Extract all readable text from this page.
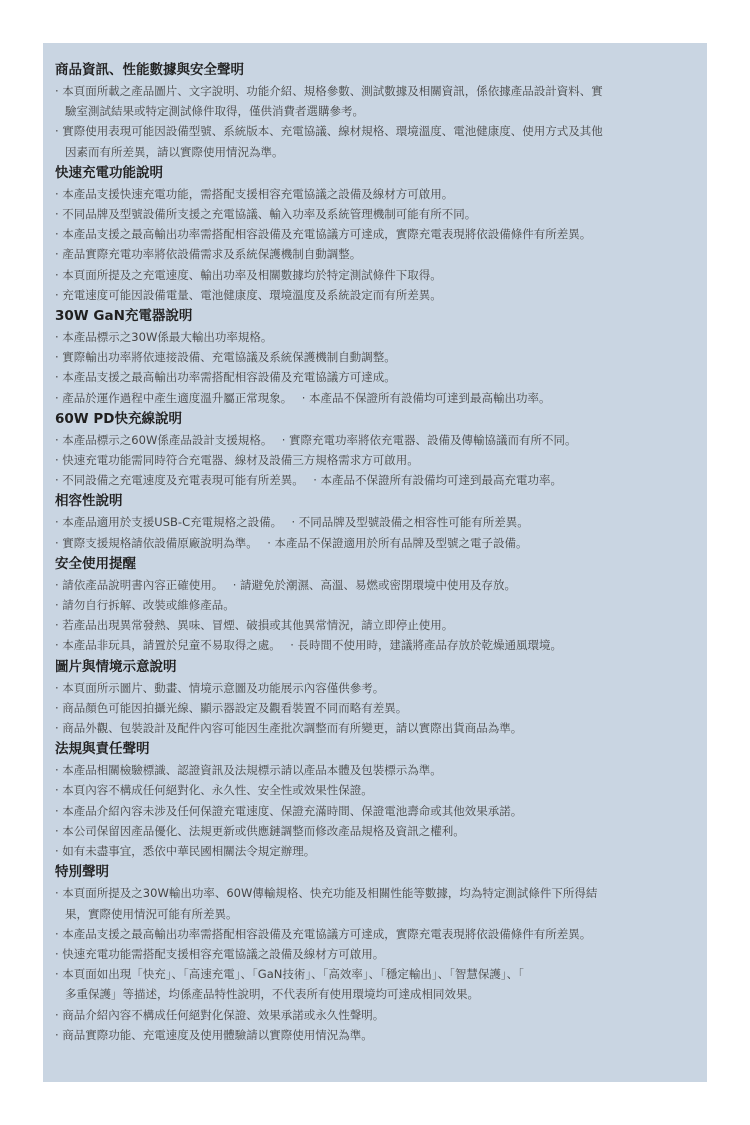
商品資訊、性能數據與安全聲明
· 本頁面所載之產品圖片、文字說明、功能介紹、規格參數、測試數據及相關資訊，係依據產品設計資料、實
驗室測試結果或特定測試條件取得，僅供消費者選購參考。
· 實際使用表現可能因設備型號、系統版本、充電協議、線材規格、環境溫度、電池健康度、使用方式及其他
因素而有所差異，請以實際使用情況為準。
快速充電功能說明
· 本產品支援快速充電功能，需搭配支援相容充電協議之設備及線材方可啟用。
· 不同品牌及型號設備所支援之充電協議、輸入功率及系統管理機制可能有所不同。
· 本產品支援之最高輸出功率需搭配相容設備及充電協議方可達成，實際充電表現將依設備條件有所差異。
· 產品實際充電功率將依設備需求及系統保護機制自動調整。
· 本頁面所提及之充電速度、輸出功率及相關數據均於特定測試條件下取得。
· 充電速度可能因設備電量、電池健康度、環境溫度及系統設定而有所差異。
30W GaN充電器說明
· 本產品標示之30W係最大輸出功率規格。
· 實際輸出功率將依連接設備、充電協議及系統保護機制自動調整。
· 本產品支援之最高輸出功率需搭配相容設備及充電協議方可達成。
· 產品於運作過程中產生適度溫升屬正常現象。　 · 本產品不保證所有設備均可達到最高輸出功率。
60W PD快充線說明
· 本產品標示之60W係產品設計支援規格。　 · 實際充電功率將依充電器、設備及傳輸協議而有所不同。
· 快速充電功能需同時符合充電器、線材及設備三方規格需求方可啟用。
· 不同設備之充電速度及充電表現可能有所差異。　 · 本產品不保證所有設備均可達到最高充電功率。
相容性說明
· 本產品適用於支援USB-C充電規格之設備。　 · 不同品牌及型號設備之相容性可能有所差異。
· 實際支援規格請依設備原廠說明為準。　 · 本產品不保證適用於所有品牌及型號之電子設備。
安全使用提醒
· 請依產品說明書內容正確使用。　 · 請避免於潮濕、高溫、易燃或密閉環境中使用及存放。
· 請勿自行拆解、改裝或維修產品。
· 若產品出現異常發熱、異味、冒煙、破損或其他異常情況，請立即停止使用。
· 本產品非玩具，請置於兒童不易取得之處。　 · 長時間不使用時，建議將產品存放於乾燥通風環境。
圖片與情境示意說明
· 本頁面所示圖片、動畫、情境示意圖及功能展示內容僅供參考。
· 商品顏色可能因拍攝光線、顯示器設定及觀看裝置不同而略有差異。
· 商品外觀、包裝設計及配件內容可能因生產批次調整而有所變更，請以實際出貨商品為準。
法規與責任聲明
· 本產品相關檢驗標識、認證資訊及法規標示請以產品本體及包裝標示為準。
· 本頁內容不構成任何絕對化、永久性、安全性或效果性保證。
· 本產品介紹內容未涉及任何保證充電速度、保證充滿時間、保證電池壽命或其他效果承諾。
· 本公司保留因產品優化、法規更新或供應鏈調整而修改產品規格及資訊之權利。
· 如有未盡事宜，悉依中華民國相關法令規定辦理。
特別聲明
· 本頁面所提及之30W輸出功率、60W傳輸規格、快充功能及相關性能等數據，均為特定測試條件下所得結
果，實際使用情況可能有所差異。
· 本產品支援之最高輸出功率需搭配相容設備及充電協議方可達成，實際充電表現將依設備條件有所差異。
· 快速充電功能需搭配支援相容充電協議之設備及線材方可啟用。
· 本頁面如出現「快充」、「高速充電」、「GaN技術」、「高效率」、「穩定輸出」、「智慧保護」、「
多重保護」等描述，均係產品特性說明，不代表所有使用環境均可達成相同效果。
· 商品介紹內容不構成任何絕對化保證、效果承諾或永久性聲明。
· 商品實際功能、充電速度及使用體驗請以實際使用情況為準。
